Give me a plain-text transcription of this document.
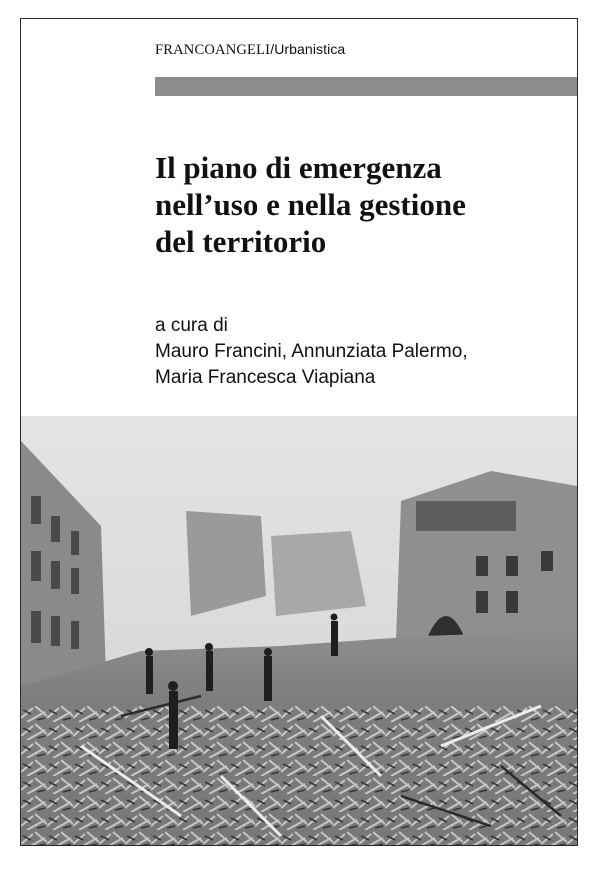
FRANCOANGELI/Urbanistica
Il piano di emergenza
nell’uso e nella gestione
del territorio
a cura di
Mauro Francini, Annunziata Palermo,
Maria Francesca Viapiana
